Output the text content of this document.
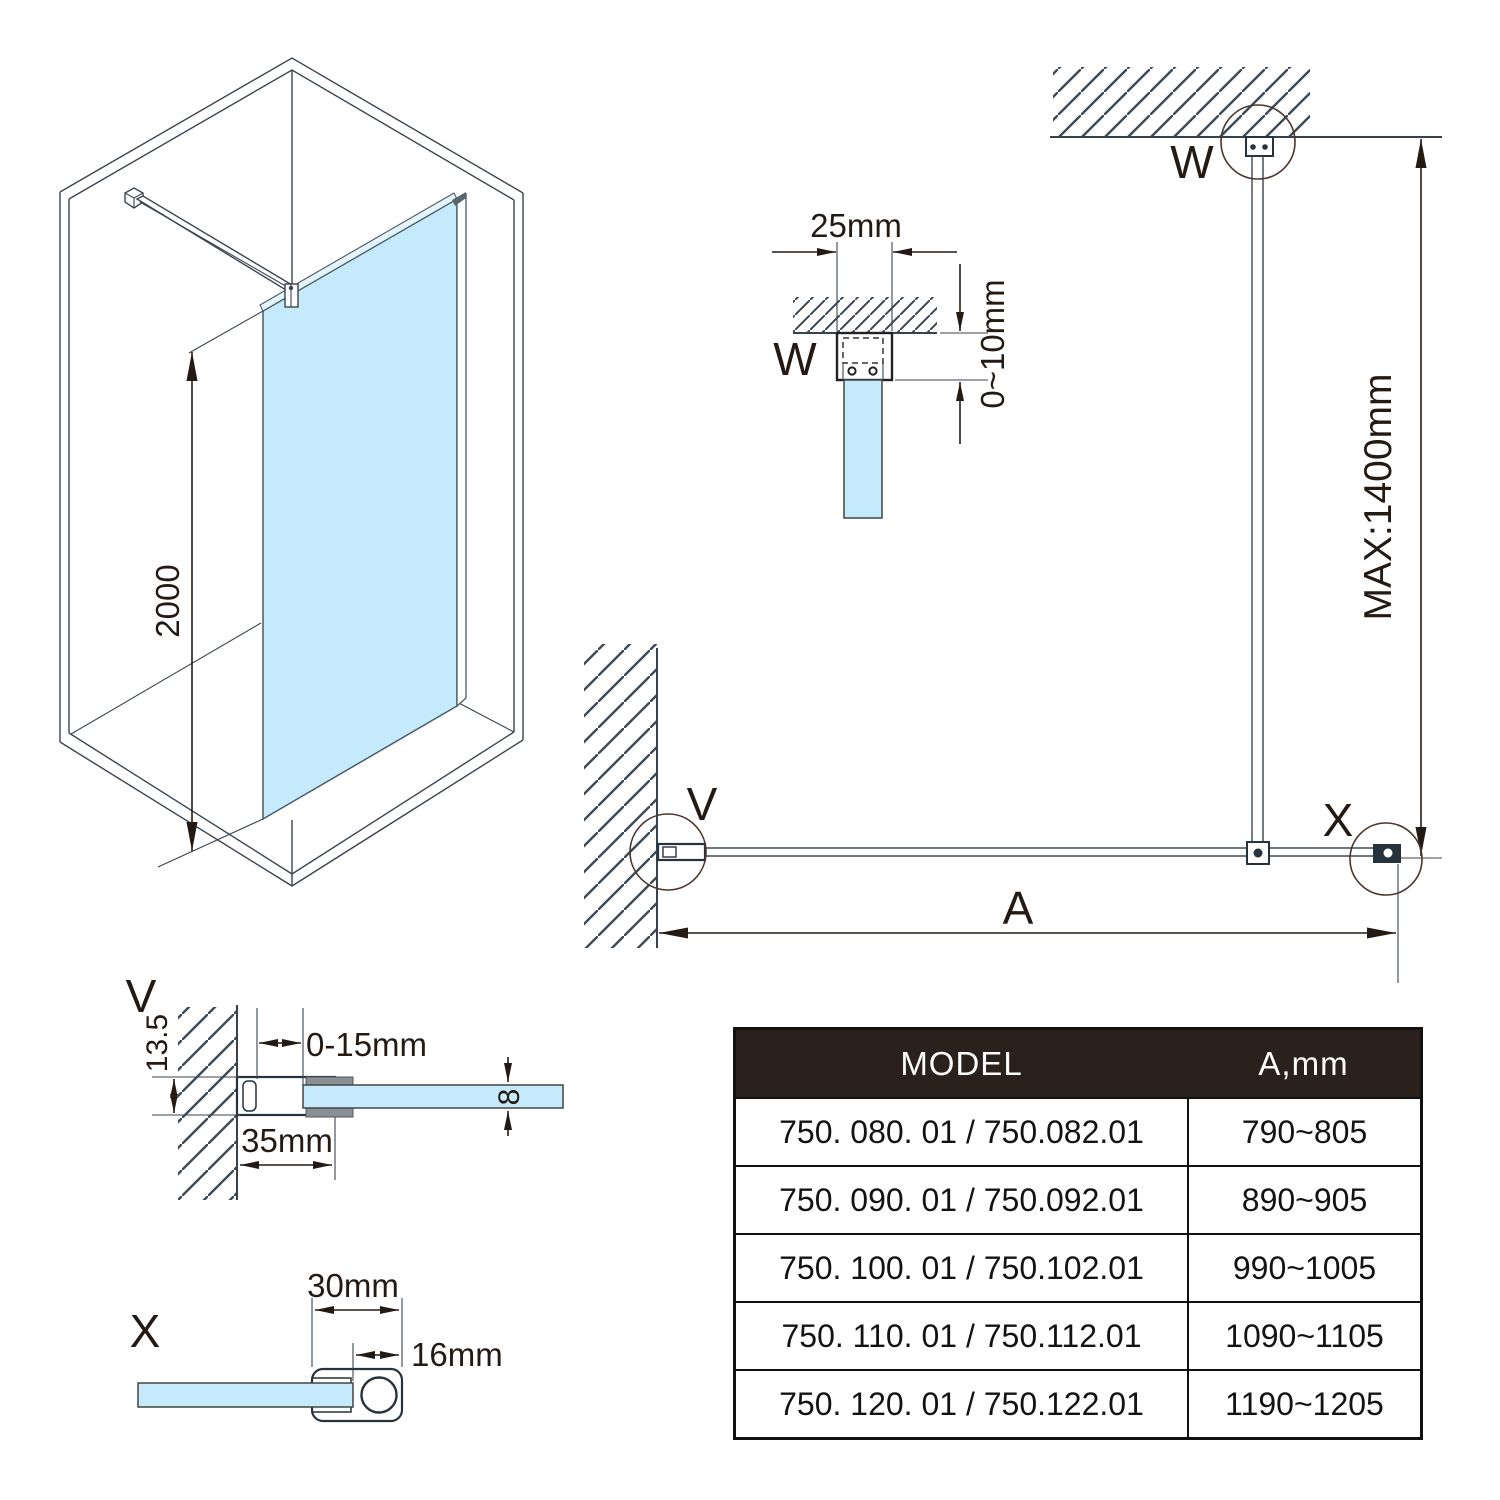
2000
25mm
0~10mm
W
W
MAX:1400mm
V	X
A
V
13.5	0-15mm
35mm
8
X
30mm
16mm
MODEL	A,mm
750. 080. 01 / 750.082.01	790~805
750. 090. 01 / 750.092.01	890~905
750. 100. 01 / 750.102.01	990~1005
750. 110. 01 / 750.112.01	1090~1105
750. 120. 01 / 750.122.01	1190~1205
